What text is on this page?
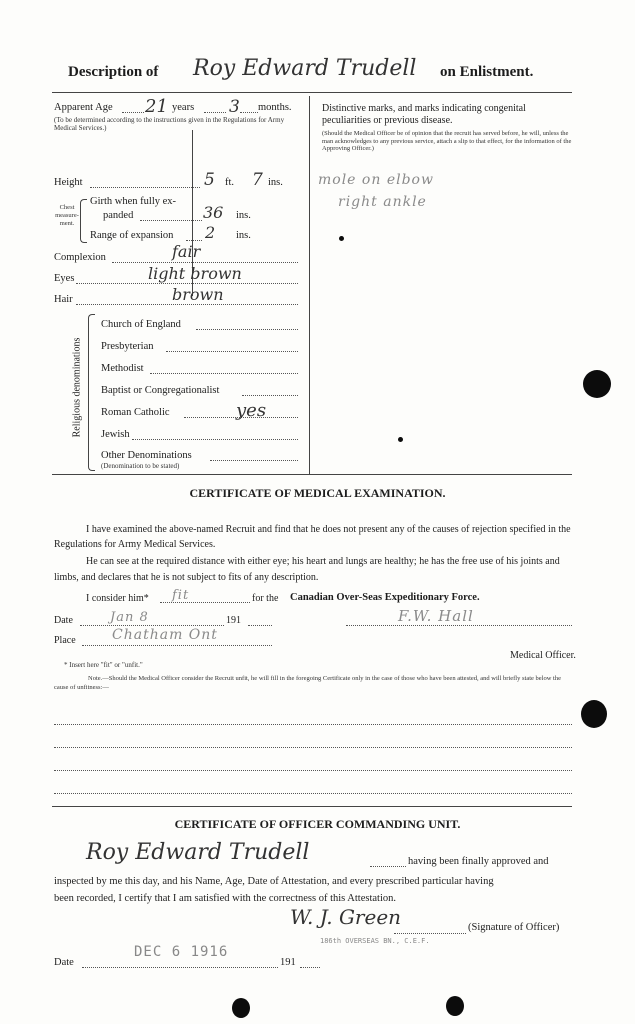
Description of Roy Edward Trudell on Enlistment.
Apparent Age 21 years 3 months.
(To be determined according to the instructions given in the Regulations for Army Medical Services.)
Height	5 ft. 7 ins.
Chest measure-ment.
Girth when fully ex-
panded	36 ins.
Range of expansion 2 ins.
Complexion	fair
Eyes	light brown
Hair	brown
Religious denominations
Church of England
Presbyterian
Methodist
Baptist or Congregationalist
Roman Catholic	yes
Jewish
Other Denominations
(Denomination to be stated)
Distinctive marks, and marks indicating congenital peculiarities or previous disease.
(Should the Medical Officer be of opinion that the recruit has served before, he will, unless the man acknowledges to any previous service, attach a slip to that effect, for the information of the Approving Officer.)
mole on elbow
right ankle
CERTIFICATE OF MEDICAL EXAMINATION.
I have examined the above-named Recruit and find that he does not present any of the causes of rejection specified in the Regulations for Army Medical Services.
He can see at the required distance with either eye; his heart and lungs are healthy; he has the free use of his joints and limbs, and declares that he is not subject to fits of any description.
I consider him* fit	for the Canadian Over-Seas Expeditionary Force.
Date	Jan 8	191	F.W. Hall
Place	Chatham Ont
Medical Officer.
* Insert here "fit" or "unfit."
Note.—Should the Medical Officer consider the Recruit unfit, he will fill in the foregoing Certificate only in the case of those who have been attested, and will briefly state below the cause of unfitness:—
CERTIFICATE OF OFFICER COMMANDING UNIT.
Roy Edward Trudell	having been finally approved and
inspected by me this day, and his Name, Age, Date of Attestation, and every prescribed particular having
been recorded, I certify that I am satisfied with the correctness of this Attestation.
W. J. Green
186th OVERSEAS BN., C.E.F.
(Signature of Officer)
DEC 6 1916
Date	191
